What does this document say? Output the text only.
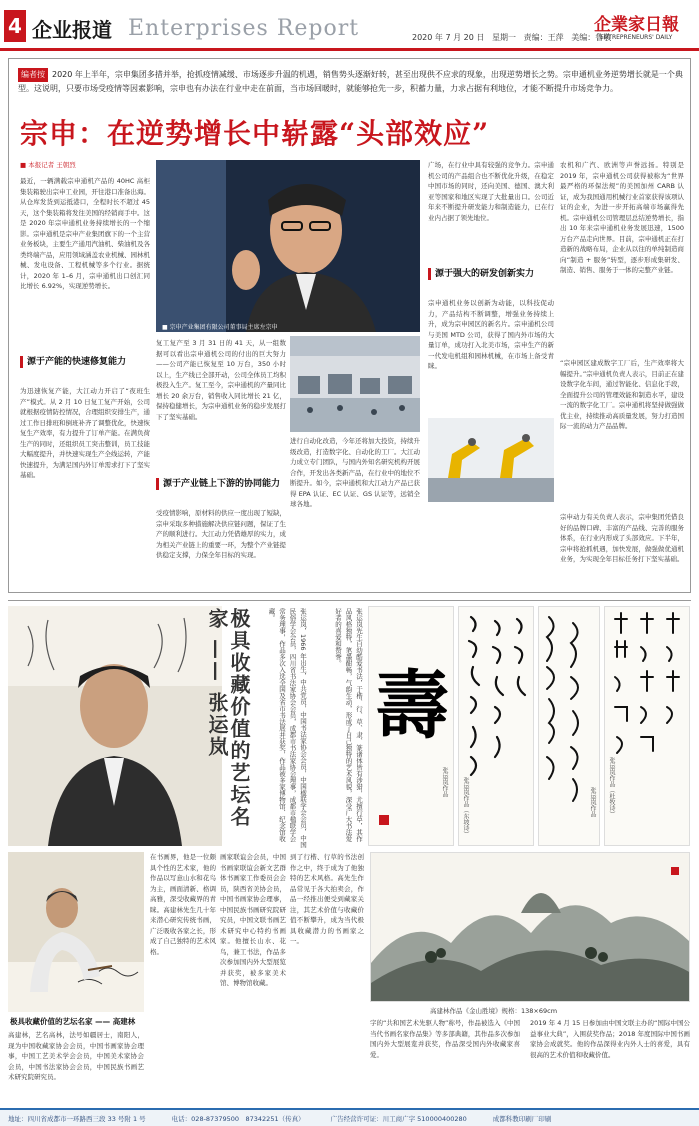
4 企业报道 Enterprises Report	2020 年 7 月 20 日 星期一 责编：王萍 美编：鲁敬
企業家日報
ENTREPRENEURS' DAILY
编者按 2020 年上半年，宗申集团多措并举，抢抓疫情减缓、市场逐步升温的机遇，销售势头逐渐好转，甚至出现供不应求的现象，出现逆势增长之势。宗申通机业务逆势增长就是一个典型。这说明，只要市场受疫情等因素影响，宗申也有办法在行业中走在前面，当市场回暖时，就能够抢先一步，积蓄力量，力求占据有利地位，才能不断提升市场竞争力。
宗申：在逆势增长中崭露“头部效应”
■ 本报记者 王朝烈
■ 宗申产业集团有限公司董事局主席左宗申
最近，一辆满载宗申通机产品的 40HC 高柜集装箱驶出宗申工业园，开往港口准备出海。从仓库发货到运抵港口，全程时长不超过 45 天，这个集装箱将发往美国的经销商手中。这是 2020 年宗申通机业务持续增长的一个缩影。宗申通机是宗申产业集团旗下的一个主营业务板块，主要生产通用汽油机、柴油机及各类终端产品，应用领域涵盖农业机械、园林机械、发电设备、工程机械等多个行业。据统计，2020 年 1–6 月，宗申通机出口创汇同比增长 6.92%，实现逆势增长。
源于产能的快速修复能力
为迅速恢复产能，大江动力开启了“夜班生产”模式。从 2 月 10 日复工复产开始，公司就根据疫情防控情况，合理组织安排生产，通过工作日排班和倒班补齐了调整优化，快速恢复生产效率，有力提升了订单产能。在满负荷生产的同时，还组织员工突击整训，员工技能大幅度提升，并快速实现生产全线运转，产能快速提升，为满足国内外订单需求打下了坚实基础。
复工复产至 3 月 31 日的 41 天，从一组数据可以看出宗申通机公司的付出的巨大努力——公司产能已恢复至 10 万台，350 小时以上，生产线已全部开动，公司全体员工均积极投入生产。复工至今，宗申通机的产量同比增长 20 余万台，销售收入同比增长 21 亿，保持稳健增长，为宗申通机业务的稳步发展打下了坚实基础。
源于产业链上下游的协同能力
受疫情影响，原材料的供应一度出现了短缺，宗申采取多种措施解决供应链问题，保证了生产的顺利进行。大江动力凭借雄厚的实力，成为相关产业链上的重要一环，为整个产业链提供稳定支撑，力保全年目标的实现。
进行自动化改造，今年还将加大投资，持续升级改造，打造数字化、自动化的工厂。大江动力成立专门团队，与国内外知名研究机构开展合作，开发出各类新产品，在行业中的地位不断提升。如今，宗申通机和大江动力产品已获得 EPA 认证、EC 认证、GS 认证等，远销全球各地。
广场，在行业中具有较强的竞争力。宗申通机公司的产品组合也不断优化升级，在稳定中国市场的同时，还向美国、德国、澳大利亚等国家和地区实现了大批量出口。公司近年来不断提升研发能力和制造能力，已在行业内占据了领先地位。
源于强大的研发创新实力
宗申通机业务以创新为动能，以科技促动力，产品结构不断调整，增强业务持续上升，成为宗申园区的新名片。宗申通机公司与美国 MTD 公司，获得了国内外市场的大量订单，成功打入北美市场，宗申生产的新一代发电机组和园林机械，在市场上备受青睐。
农机和广汽、欧洲等声誉远扬。特别是 2019 年，宗申通机公司获得被称为“世界最严格的环保法规”的美国加州 CARB 认证，成为我国通用机械行业首家获得该项认证的企业，为进一步开拓高端市场赢得先机。宗申通机公司管理层总结逆势增长，指出 10 年来宗申通机业务发展迅速，1500 万台产品走向世界。目前，宗申通机正在打造新的战略布局，企业从以往的单纯制造商向“制造 + 服务”转型，逐步形成集研发、制造、销售、服务于一体的完整产业链。
“宗申园区建成数字工厂后，生产效率将大幅提升。”宗申通机负责人表示，目前正在建设数字化车间，通过智能化、信息化手段，全面提升公司的管理效能和制造水平，建设一流的数字化工厂。宗申通机将坚持做强做优主业，持续推动高质量发展，努力打造国际一流的动力产品品牌。
宗申动力有关负责人表示，宗申集团凭借良好的品牌口碑、丰富的产品线、完善的服务体系，在行业内形成了头部效应。下半年，宗申将抢抓机遇，加快发展，做强做优通机业务，为实现全年目标任务打下坚实基础。
极具收藏价值的艺坛名家 —— 张运岚	张运岚，1966 年出生，中共党员，中国书法家协会会员，中国楹联学会会员，中国民俗学会会员，四川省书法家协会会员，成都市书法家协会理事，成都市楹联学会常务理事，作品多次入选全国及省市书法展并获奖，作品被多家博物馆、纪念馆收藏。	张运岚先生自幼酷爱书法，于楷、行、草、隶、篆诸体皆有涉猎，尤擅行草，其作品风格独特，笔墨酣畅，气韵生动，形成了自己独特的艺术风貌，深受广大书法爱好者的喜爱和赞誉。
壽
张运岚作品 张运岚作品（东坡诗）	张运岚作品 张运岚作品（杜牧诗）
极具收藏价值的艺坛名家 —— 高建林
高建林，艺名高林，法号如疆居士，南阳人，现为中国收藏家协会会员，中国书画家协会理事，中国工艺美术学会会员，中国美术家协会会员，中国书法家协会会员，中国民族书画艺术研究院研究员。
在书画界，他是一位颇具个性的艺术家，他的作品以写意山水和花鸟为主，画面清新、格调高雅，深受收藏界的青睐。高建林先生几十年来潜心研究传统书画，广泛吸收各家之长，形成了自己独特的艺术风格。
画家联谊会会员，中国书画家联谊会新文艺群体书画家工作委员会会员，陕西省美协会员，中国书画家协会理事，中国民族书画研究院研究员，中国文联书画艺术研究中心特约书画家。他擅长山水、花鸟，兼工书法，作品多次参加国内外大型展览并获奖，被多家美术馆、博物馆收藏。
到了行楷、行草的书法创作之中，终于成为了他独特的艺术风格。高先生作品常见于各大拍卖会，作品一经推出便受到藏家关注，其艺术价值与收藏价值不断攀升，成为当代极具收藏潜力的书画家之一。
高建林作品《金山胜境》规格：138×69cm
字的“共和国艺术先驱人物”称号，作品被选入《中国当代书画名家作品集》等多部典籍，其作品多次参加国内外大型展览并获奖，作品深受国内外收藏家喜爱。
2019 年 4 月 15 日参加由中国文联主办的“国际中国公益事业大典”，入围获奖作品；2018 年度国际中国书画家协会成就奖。他的作品深得业内外人士的喜爱，具有很高的艺术价值和收藏价值。
地址：四川省成都市一环路西三段 33 号附 1 号	电话：028-87379500　87342251（传真）	广告经营许可证：川工商广字 510000400280	成都科教印刷厂印刷
